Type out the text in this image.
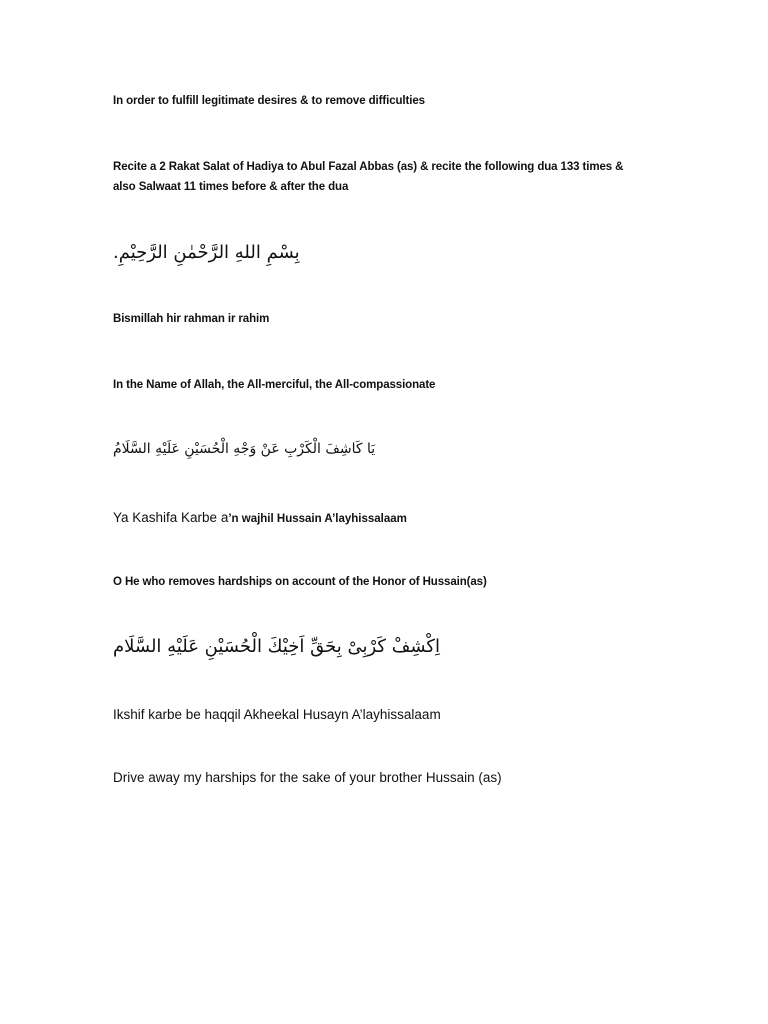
In order to fulfill legitimate desires & to remove difficulties
Recite a 2 Rakat Salat of Hadiya to Abul Fazal Abbas (as) & recite the following dua 133 times &
also Salwaat 11 times before & after the dua
بِسْمِ اللهِ الرَّحْمٰنِ الرَّحِيْمِ.
Bismillah hir rahman ir rahim
In the Name of Allah, the All-merciful, the All-compassionate
يَا كَاشِفَ الْكَرْبِ عَنْ وَجْهِ الْحُسَيْنِ عَلَيْهِ السَّلَامُ
Ya Kashifa Karbe a’n wajhil Hussain A’layhissalaam
O He who removes hardships on account of the Honor of Hussain(as)
اِكْشِفْ كَرْبِىْ بِحَقِّ اَخِيْكَ الْحُسَيْنِ عَلَيْهِ السَّلَام
Ikshif karbe be haqqil Akheekal Husayn A’layhissalaam
Drive away my harships for the sake of your brother Hussain (as)
